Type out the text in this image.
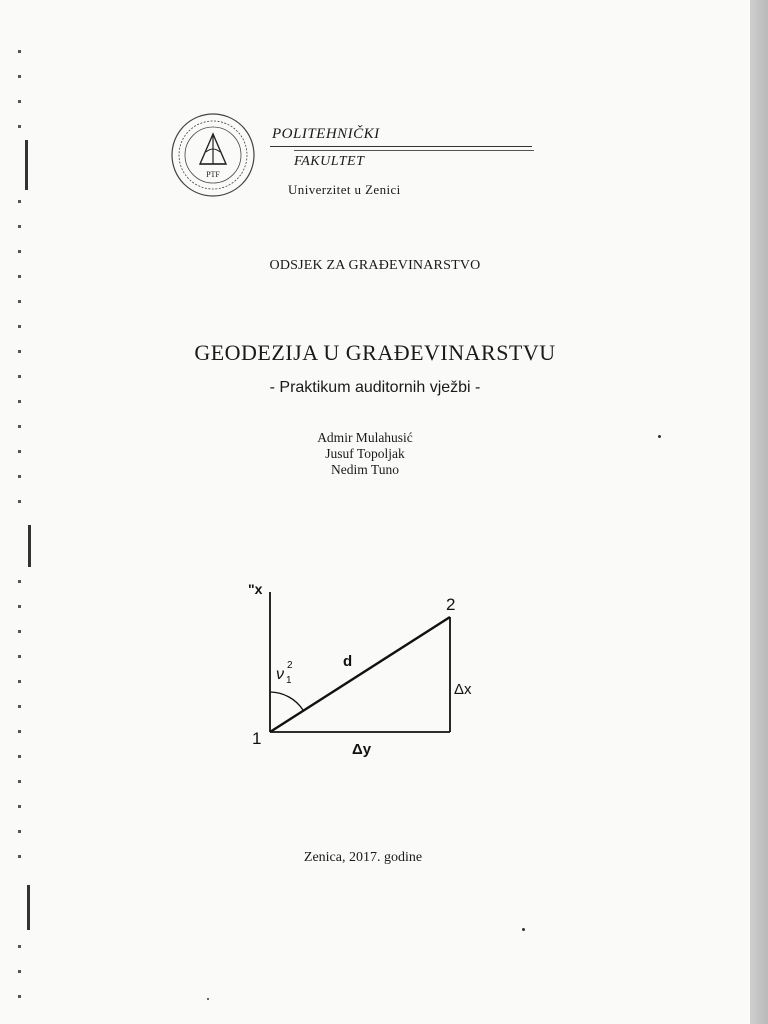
PTF
POLITEHNIČKI
FAKULTET
Univerzitet u Zenici
ODSJEK ZA GRAĐEVINARSTVO
GEODEZIJA U GRAĐEVINARSTVU
- Praktikum auditornih vježbi -
Admir Mulahusić
Jusuf Topoljak
Nedim Tuno
"x
2
1
d
Δx
Δy
ν 1
2
Zenica, 2017. godine
